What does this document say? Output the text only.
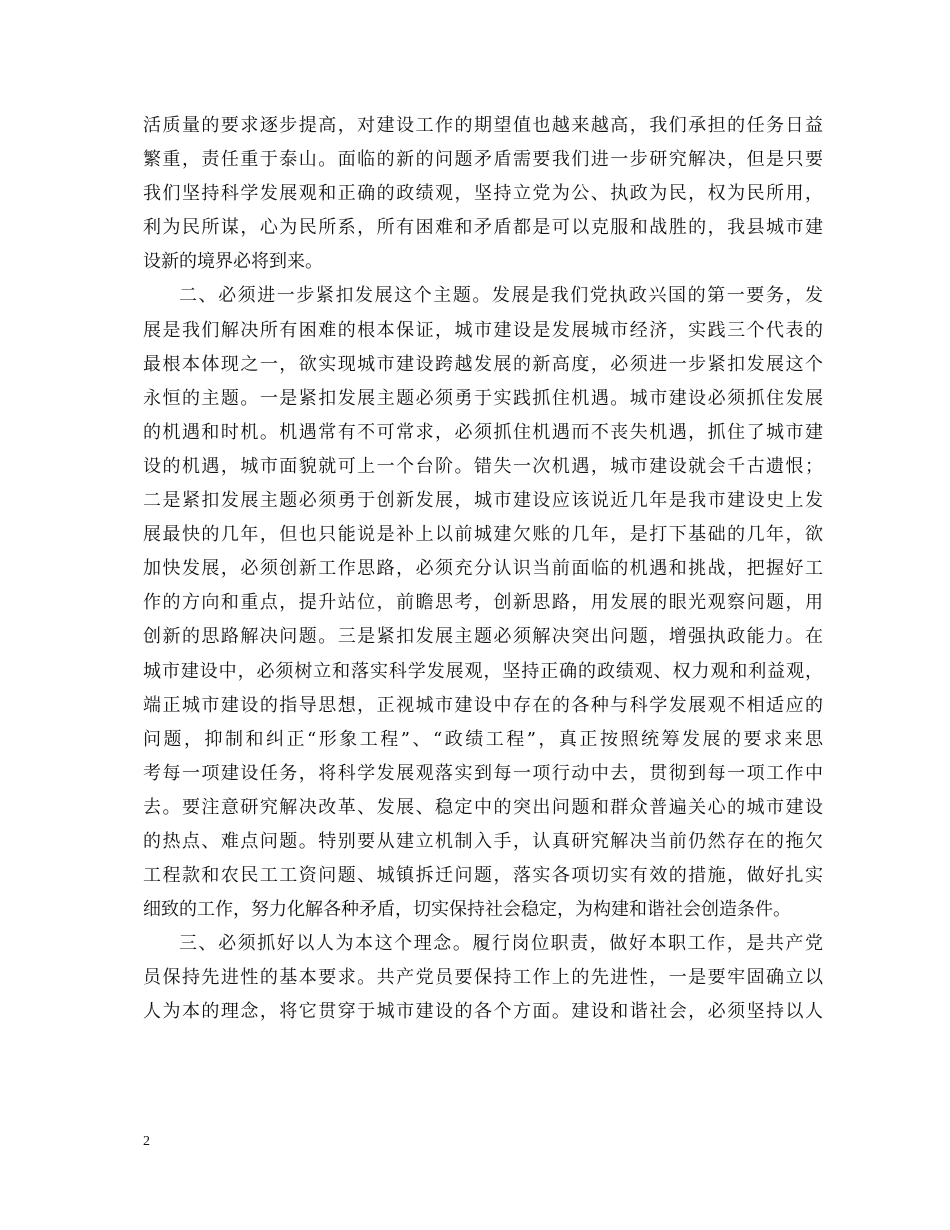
活质量的要求逐步提高，对建设工作的期望值也越来越高，我们承担的任务日益
繁重，责任重于泰山。面临的新的问题矛盾需要我们进一步研究解决，但是只要
我们坚持科学发展观和正确的政绩观，坚持立党为公、执政为民，权为民所用，
利为民所谋，心为民所系，所有困难和矛盾都是可以克服和战胜的，我县城市建
设新的境界必将到来。
二、必须进一步紧扣发展这个主题。发展是我们党执政兴国的第一要务，发
展是我们解决所有困难的根本保证，城市建设是发展城市经济，实践三个代表的
最根本体现之一，欲实现城市建设跨越发展的新高度，必须进一步紧扣发展这个
永恒的主题。一是紧扣发展主题必须勇于实践抓住机遇。城市建设必须抓住发展
的机遇和时机。机遇常有不可常求，必须抓住机遇而不丧失机遇，抓住了城市建
设的机遇，城市面貌就可上一个台阶。错失一次机遇，城市建设就会千古遗恨；
二是紧扣发展主题必须勇于创新发展，城市建设应该说近几年是我市建设史上发
展最快的几年，但也只能说是补上以前城建欠账的几年，是打下基础的几年，欲
加快发展，必须创新工作思路，必须充分认识当前面临的机遇和挑战，把握好工
作的方向和重点，提升站位，前瞻思考，创新思路，用发展的眼光观察问题，用
创新的思路解决问题。三是紧扣发展主题必须解决突出问题，增强执政能力。在
城市建设中，必须树立和落实科学发展观，坚持正确的政绩观、权力观和利益观，
端正城市建设的指导思想，正视城市建设中存在的各种与科学发展观不相适应的
问题，抑制和纠正“形象工程”、“政绩工程”，真正按照统筹发展的要求来思
考每一项建设任务，将科学发展观落实到每一项行动中去，贯彻到每一项工作中
去。要注意研究解决改革、发展、稳定中的突出问题和群众普遍关心的城市建设
的热点、难点问题。特别要从建立机制入手，认真研究解决当前仍然存在的拖欠
工程款和农民工工资问题、城镇拆迁问题，落实各项切实有效的措施，做好扎实
细致的工作，努力化解各种矛盾，切实保持社会稳定，为构建和谐社会创造条件。
三、必须抓好以人为本这个理念。履行岗位职责，做好本职工作，是共产党
员保持先进性的基本要求。共产党员要保持工作上的先进性，一是要牢固确立以
人为本的理念，将它贯穿于城市建设的各个方面。建设和谐社会，必须坚持以人
2
